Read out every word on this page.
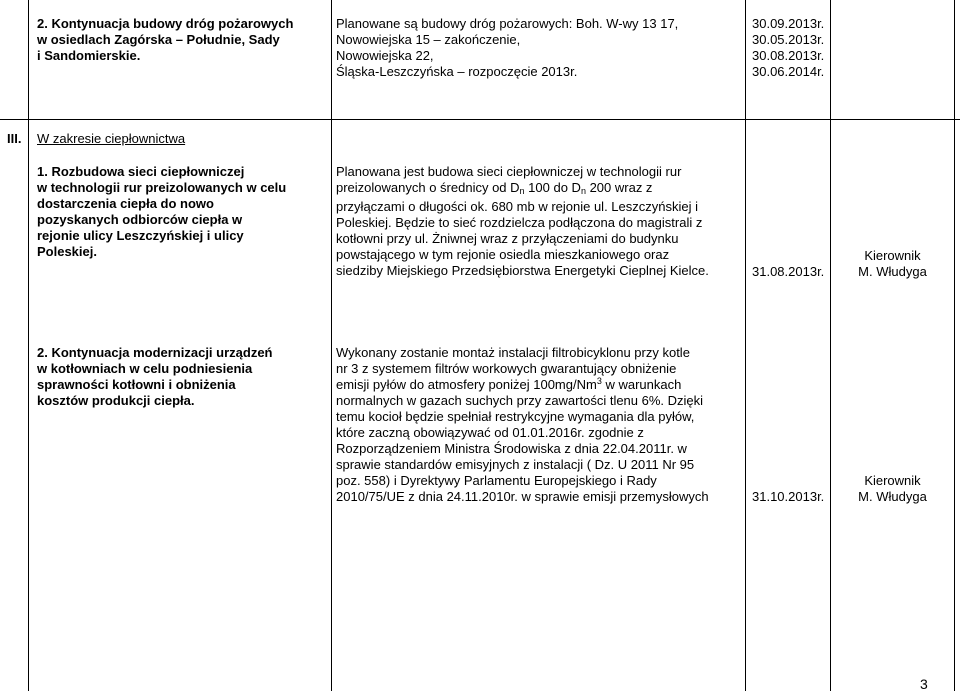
2. Kontynuacja budowy dróg pożarowych
w osiedlach Zagórska – Południe, Sady
i Sandomierskie.
Planowane są budowy dróg pożarowych: Boh. W-wy 13 17,
Nowowiejska 15 – zakończenie,
Nowowiejska 22,
Śląska-Leszczyńska – rozpoczęcie 2013r.
30.09.2013r.
30.05.2013r.
30.08.2013r.
30.06.2014r.
III. W zakresie ciepłownictwa
1. Rozbudowa sieci ciepłowniczej
w technologii rur preizolowanych w celu
dostarczenia ciepła do nowo
pozyskanych odbiorców ciepła w
rejonie ulicy Leszczyńskiej i ulicy
Poleskiej.
Planowana jest budowa sieci ciepłowniczej w technologii rur
preizolowanych o średnicy od $D_n$ 100 do $D_n$ 200 wraz z
przyłączami o długości ok. 680 mb w rejonie ul. Leszczyńskiej i
Poleskiej. Będzie to sieć rozdzielcza podłączona do magistrali z
kotłowni przy ul. Żniwnej wraz z przyłączeniami do budynku
powstającego w tym rejonie osiedla mieszkaniowego oraz
siedziby Miejskiego Przedsiębiorstwa Energetyki Cieplnej Kielce.	31.08.2013r.
Kierownik
M. Włudyga
2. Kontynuacja modernizacji urządzeń
w kotłowniach w celu podniesienia
sprawności kotłowni i obniżenia
kosztów produkcji ciepła.
Wykonany zostanie montaż instalacji filtrobicyklonu przy kotle
nr 3 z systemem filtrów workowych gwarantujący obniżenie
emisji pyłów do atmosfery poniżej 100mg/Nm$^3$ w warunkach
normalnych w gazach suchych przy zawartości tlenu 6%. Dzięki
temu kocioł będzie spełniał restrykcyjne wymagania dla pyłów,
które zaczną obowiązywać od 01.01.2016r. zgodnie z
Rozporządzeniem Ministra Środowiska z dnia 22.04.2011r. w
sprawie standardów emisyjnych z instalacji ( Dz. U 2011 Nr 95
poz. 558) i Dyrektywy Parlamentu Europejskiego i Rady
2010/75/UE z dnia 24.11.2010r. w sprawie emisji przemysłowych	31.10.2013r.
Kierownik
M. Włudyga
3
